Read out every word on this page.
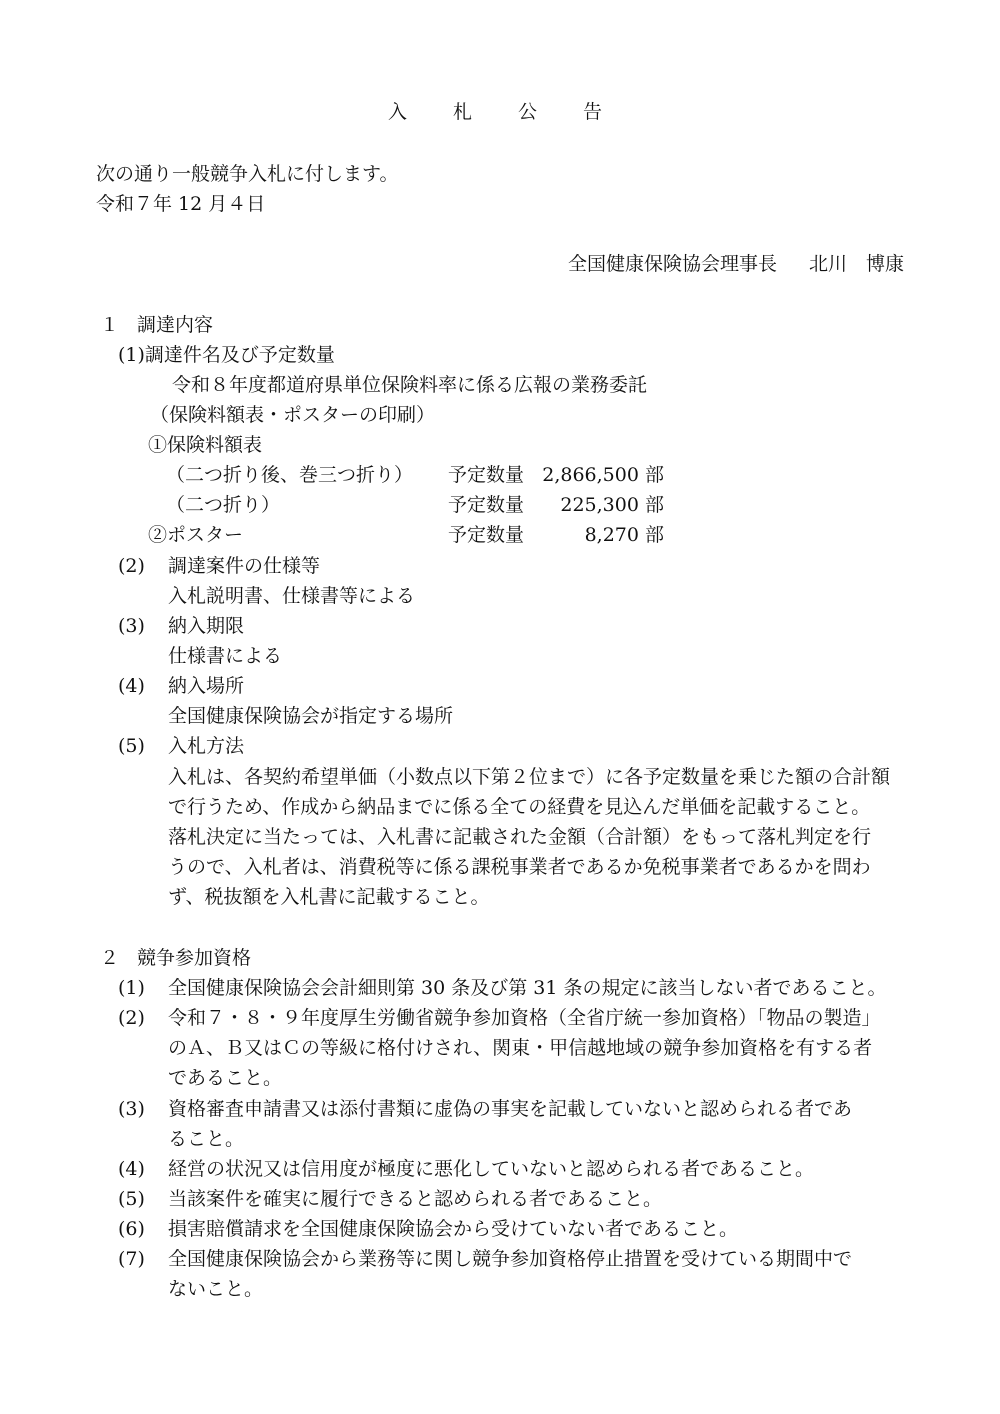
入 札 公 告
次の通り一般競争入札に付します。
令和７年 12 月４日
全国健康保険協会理事長 北川　博康
１ 調達内容
(1)調達件名及び予定数量
令和８年度都道府県単位保険料率に係る広報の業務委託
（保険料額表・ポスターの印刷）
①保険料額表
（二つ折り後、巻三つ折り） 予定数量 2,866,500 部
（二つ折り）	予定数量	225,300 部
②ポスター	予定数量	8,270 部
(2) 調達案件の仕様等
入札説明書、仕様書等による
(3) 納入期限
仕様書による
(4) 納入場所
全国健康保険協会が指定する場所
(5) 入札方法
入札は、各契約希望単価（小数点以下第２位まで）に各予定数量を乗じた額の合計額
で行うため、作成から納品までに係る全ての経費を見込んだ単価を記載すること。
落札決定に当たっては、入札書に記載された金額（合計額）をもって落札判定を行
うので、入札者は、消費税等に係る課税事業者であるか免税事業者であるかを問わ
ず、税抜額を入札書に記載すること。
２ 競争参加資格
(1) 全国健康保険協会会計細則第 30 条及び第 31 条の規定に該当しない者であること。
(2) 令和７・８・９年度厚生労働省競争参加資格（全省庁統一参加資格）「物品の製造」
のＡ、Ｂ又はＣの等級に格付けされ、関東・甲信越地域の競争参加資格を有する者
であること。
(3) 資格審査申請書又は添付書類に虚偽の事実を記載していないと認められる者であ
ること。
(4) 経営の状況又は信用度が極度に悪化していないと認められる者であること。
(5) 当該案件を確実に履行できると認められる者であること。
(6) 損害賠償請求を全国健康保険協会から受けていない者であること。
(7) 全国健康保険協会から業務等に関し競争参加資格停止措置を受けている期間中で
ないこと。
